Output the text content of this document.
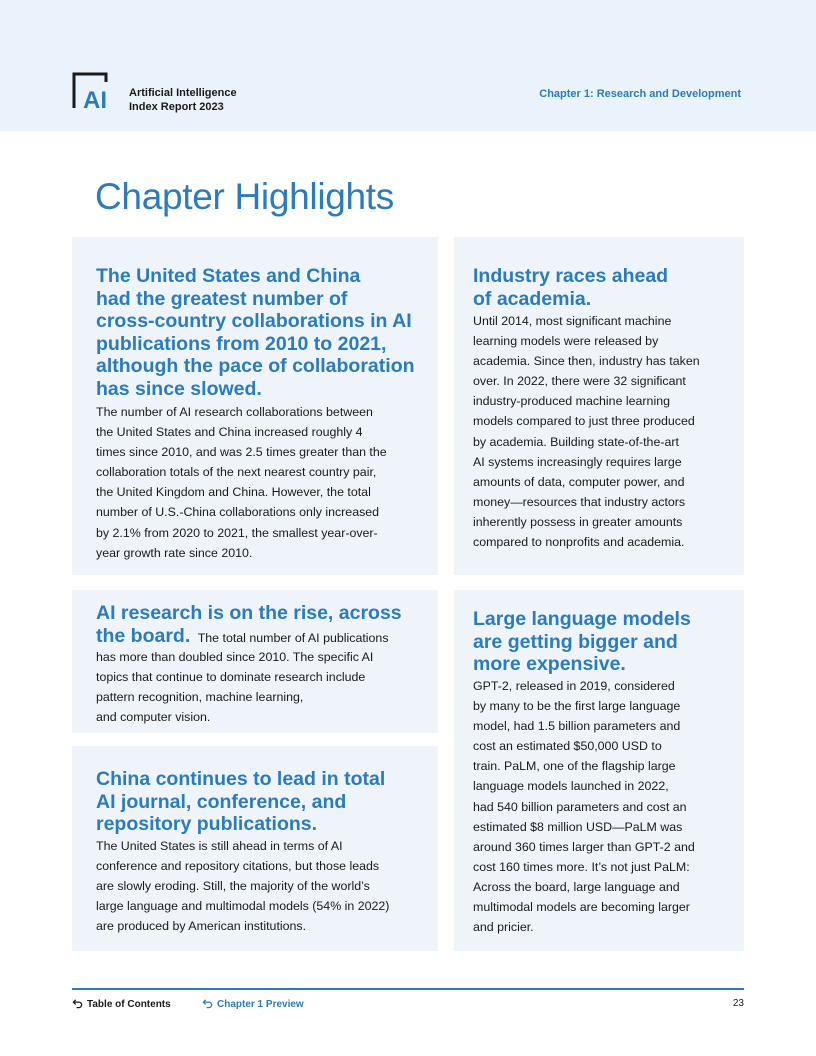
AI Artificial Intelligence
Index Report 2023
Chapter 1: Research and Development
Chapter Highlights
The United States and China
had the greatest number of
cross-country collaborations in AI
publications from 2010 to 2021,
although the pace of collaboration
has since slowed.
The number of AI research collaborations between
the United States and China increased roughly 4
times since 2010, and was 2.5 times greater than the
collaboration totals of the next nearest country pair,
the United Kingdom and China. However, the total
number of U.S.-China collaborations only increased
by 2.1% from 2020 to 2021, the smallest year-over-
year growth rate since 2010.
Industry races ahead
of academia.
Until 2014, most significant machine
learning models were released by
academia. Since then, industry has taken
over. In 2022, there were 32 significant
industry-produced machine learning
models compared to just three produced
by academia. Building state-of-the-art
AI systems increasingly requires large
amounts of data, computer power, and
money—resources that industry actors
inherently possess in greater amounts
compared to nonprofits and academia.
AI research is on the rise, across
the board. The total number of AI publications
has more than doubled since 2010. The specific AI
topics that continue to dominate research include
pattern recognition, machine learning,
and computer vision.
China continues to lead in total
AI journal, conference, and
repository publications.
The United States is still ahead in terms of AI
conference and repository citations, but those leads
are slowly eroding. Still, the majority of the world’s
large language and multimodal models (54% in 2022)
are produced by American institutions.
Large language models
are getting bigger and
more expensive.
GPT-2, released in 2019, considered
by many to be the first large language
model, had 1.5 billion parameters and
cost an estimated $50,000 USD to
train. PaLM, one of the flagship large
language models launched in 2022,
had 540 billion parameters and cost an
estimated $8 million USD—PaLM was
around 360 times larger than GPT-2 and
cost 160 times more. It’s not just PaLM:
Across the board, large language and
multimodal models are becoming larger
and pricier.
Table of Contents	Chapter 1 Preview	23
